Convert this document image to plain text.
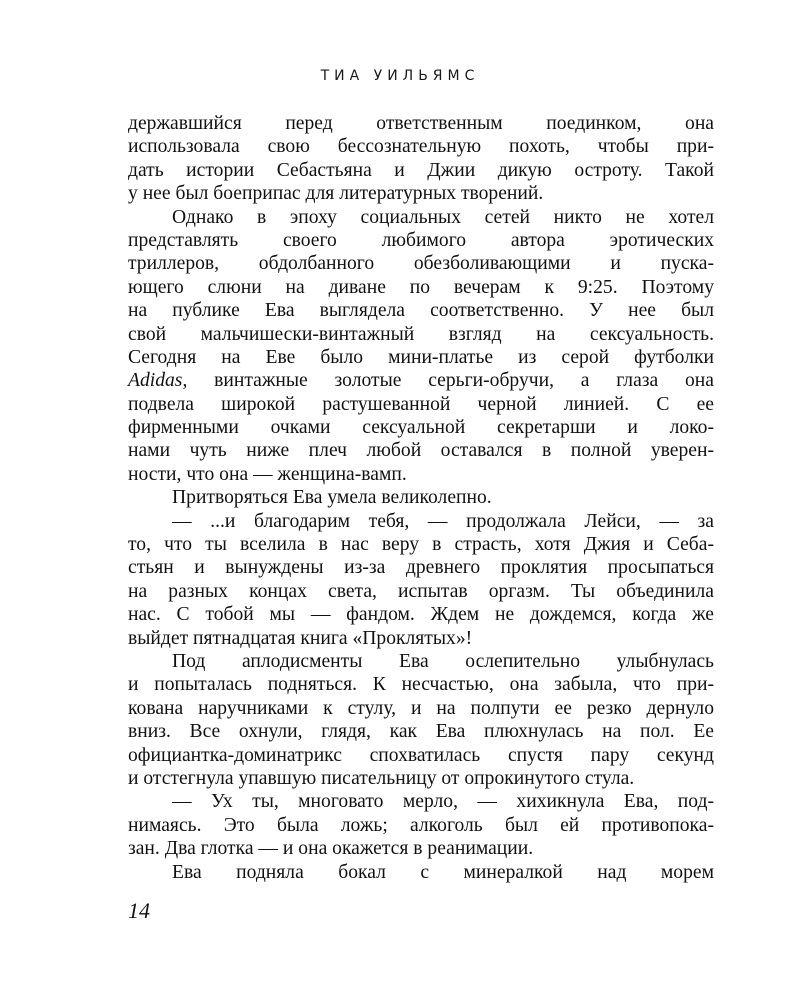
ТИА УИЛЬЯМС
державшийся перед ответственным поединком, она
использовала свою бессознательную похоть, чтобы при-
дать истории Себастьяна и Джии дикую остроту. Такой
у нее был боеприпас для литературных творений.
Однако в эпоху социальных сетей никто не хотел
представлять своего любимого автора эротических
триллеров, обдолбанного обезболивающими и пуска-
ющего слюни на диване по вечерам к 9:25. Поэтому
на публике Ева выглядела соответственно. У нее был
свой мальчишески-винтажный взгляд на сексуальность.
Сегодня на Еве было мини-платье из серой футболки
Adidas, винтажные золотые серьги-обручи, а глаза она
подвела широкой растушеванной черной линией. С ее
фирменными очками сексуальной секретарши и локо-
нами чуть ниже плеч любой оставался в полной уверен-
ности, что она — женщина-вамп.
Притворяться Ева умела великолепно.
— ...и благодарим тебя, — продолжала Лейси, — за
то, что ты вселила в нас веру в страсть, хотя Джия и Себа-
стьян и вынуждены из-за древнего проклятия просыпаться
на разных концах света, испытав оргазм. Ты объединила
нас. С тобой мы — фандом. Ждем не дождемся, когда же
выйдет пятнадцатая книга «Проклятых»!
Под аплодисменты Ева ослепительно улыбнулась
и попыталась подняться. К несчастью, она забыла, что при-
кована наручниками к стулу, и на полпути ее резко дернуло
вниз. Все охнули, глядя, как Ева плюхнулась на пол. Ее
официантка-доминатрикс спохватилась спустя пару секунд
и отстегнула упавшую писательницу от опрокинутого стула.
— Ух ты, многовато мерло, — хихикнула Ева, под-
нимаясь. Это была ложь; алкоголь был ей противопока-
зан. Два глотка — и она окажется в реанимации.
Ева подняла бокал с минералкой над морем
14
